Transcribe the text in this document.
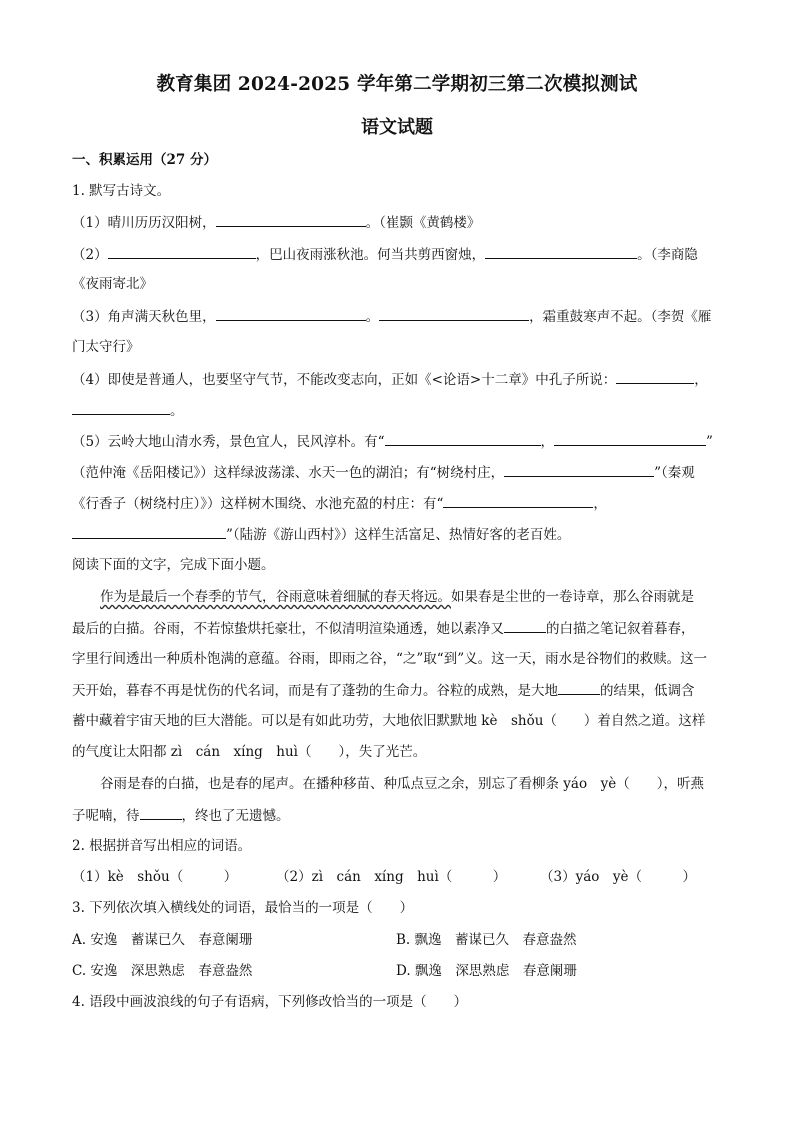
教育集团 2024-2025 学年第二学期初三第二次模拟测试
语文试题
一、积累运用（27 分）
1. 默写古诗文。
（1）晴川历历汉阳树，	。（崔颢《黄鹤楼》
（2）	，巴山夜雨涨秋池。何当共剪西窗烛，	。（李商隐
《夜雨寄北》
（3）角声满天秋色里，	。	，霜重鼓寒声不起。（李贺《雁
门太守行》
（4）即使是普通人，也要坚守气节，不能改变志向，正如《<论语>十二章》中孔子所说：	，
。
（5）云岭大地山清水秀，景色宜人，民风淳朴。有“	，	”
（范仲淹《岳阳楼记》）这样绿波荡漾、水天一色的湖泊；有“树绕村庄，	”（秦观
《行香子（树绕村庄）》）这样树木围绕、水池充盈的村庄：有“	，
”（陆游《游山西村》）这样生活富足、热情好客的老百姓。
阅读下面的文字，完成下面小题。
作为是最后一个春季的节气，谷雨意味着细腻的春天将远。如果春是尘世的一卷诗章，那么谷雨就是
最后的白描。谷雨，不若惊蛰烘托豪壮，不似清明渲染通透，她以素净又	的白描之笔记叙着暮春，
字里行间透出一种质朴饱满的意蕴。谷雨，即雨之谷，“之”取“到”义。这一天，雨水是谷物们的救赎。这一
天开始，暮春不再是忧伤的代名词，而是有了蓬勃的生命力。谷粒的成熟，是大地	的结果，低调含
蓄中藏着宇宙天地的巨大潜能。可以是有如此功劳，大地依旧默默地 kè　shǒu（　　）着自然之道。这样
的气度让太阳都 zì　cán　xíng　huì（　　），失了光芒。
谷雨是春的白描，也是春的尾声。在播种移苗、种瓜点豆之余，别忘了看柳条 yáo　yè（　　），听燕
子呢喃，待	，终也了无遗憾。
2. 根据拼音写出相应的词语。
（1）kè　shǒu（　　　）	（2）zì　cán　xíng　huì（　　　） （3）yáo　yè（　　　）
3. 下列依次填入横线处的词语，最恰当的一项是（　　）
A. 安逸　蓄谋已久　春意阑珊	B. 飘逸　蓄谋已久　春意盎然
C. 安逸　深思熟虑　春意盎然	D. 飘逸　深思熟虑　春意阑珊
4. 语段中画波浪线的句子有语病，下列修改恰当的一项是（　　）
